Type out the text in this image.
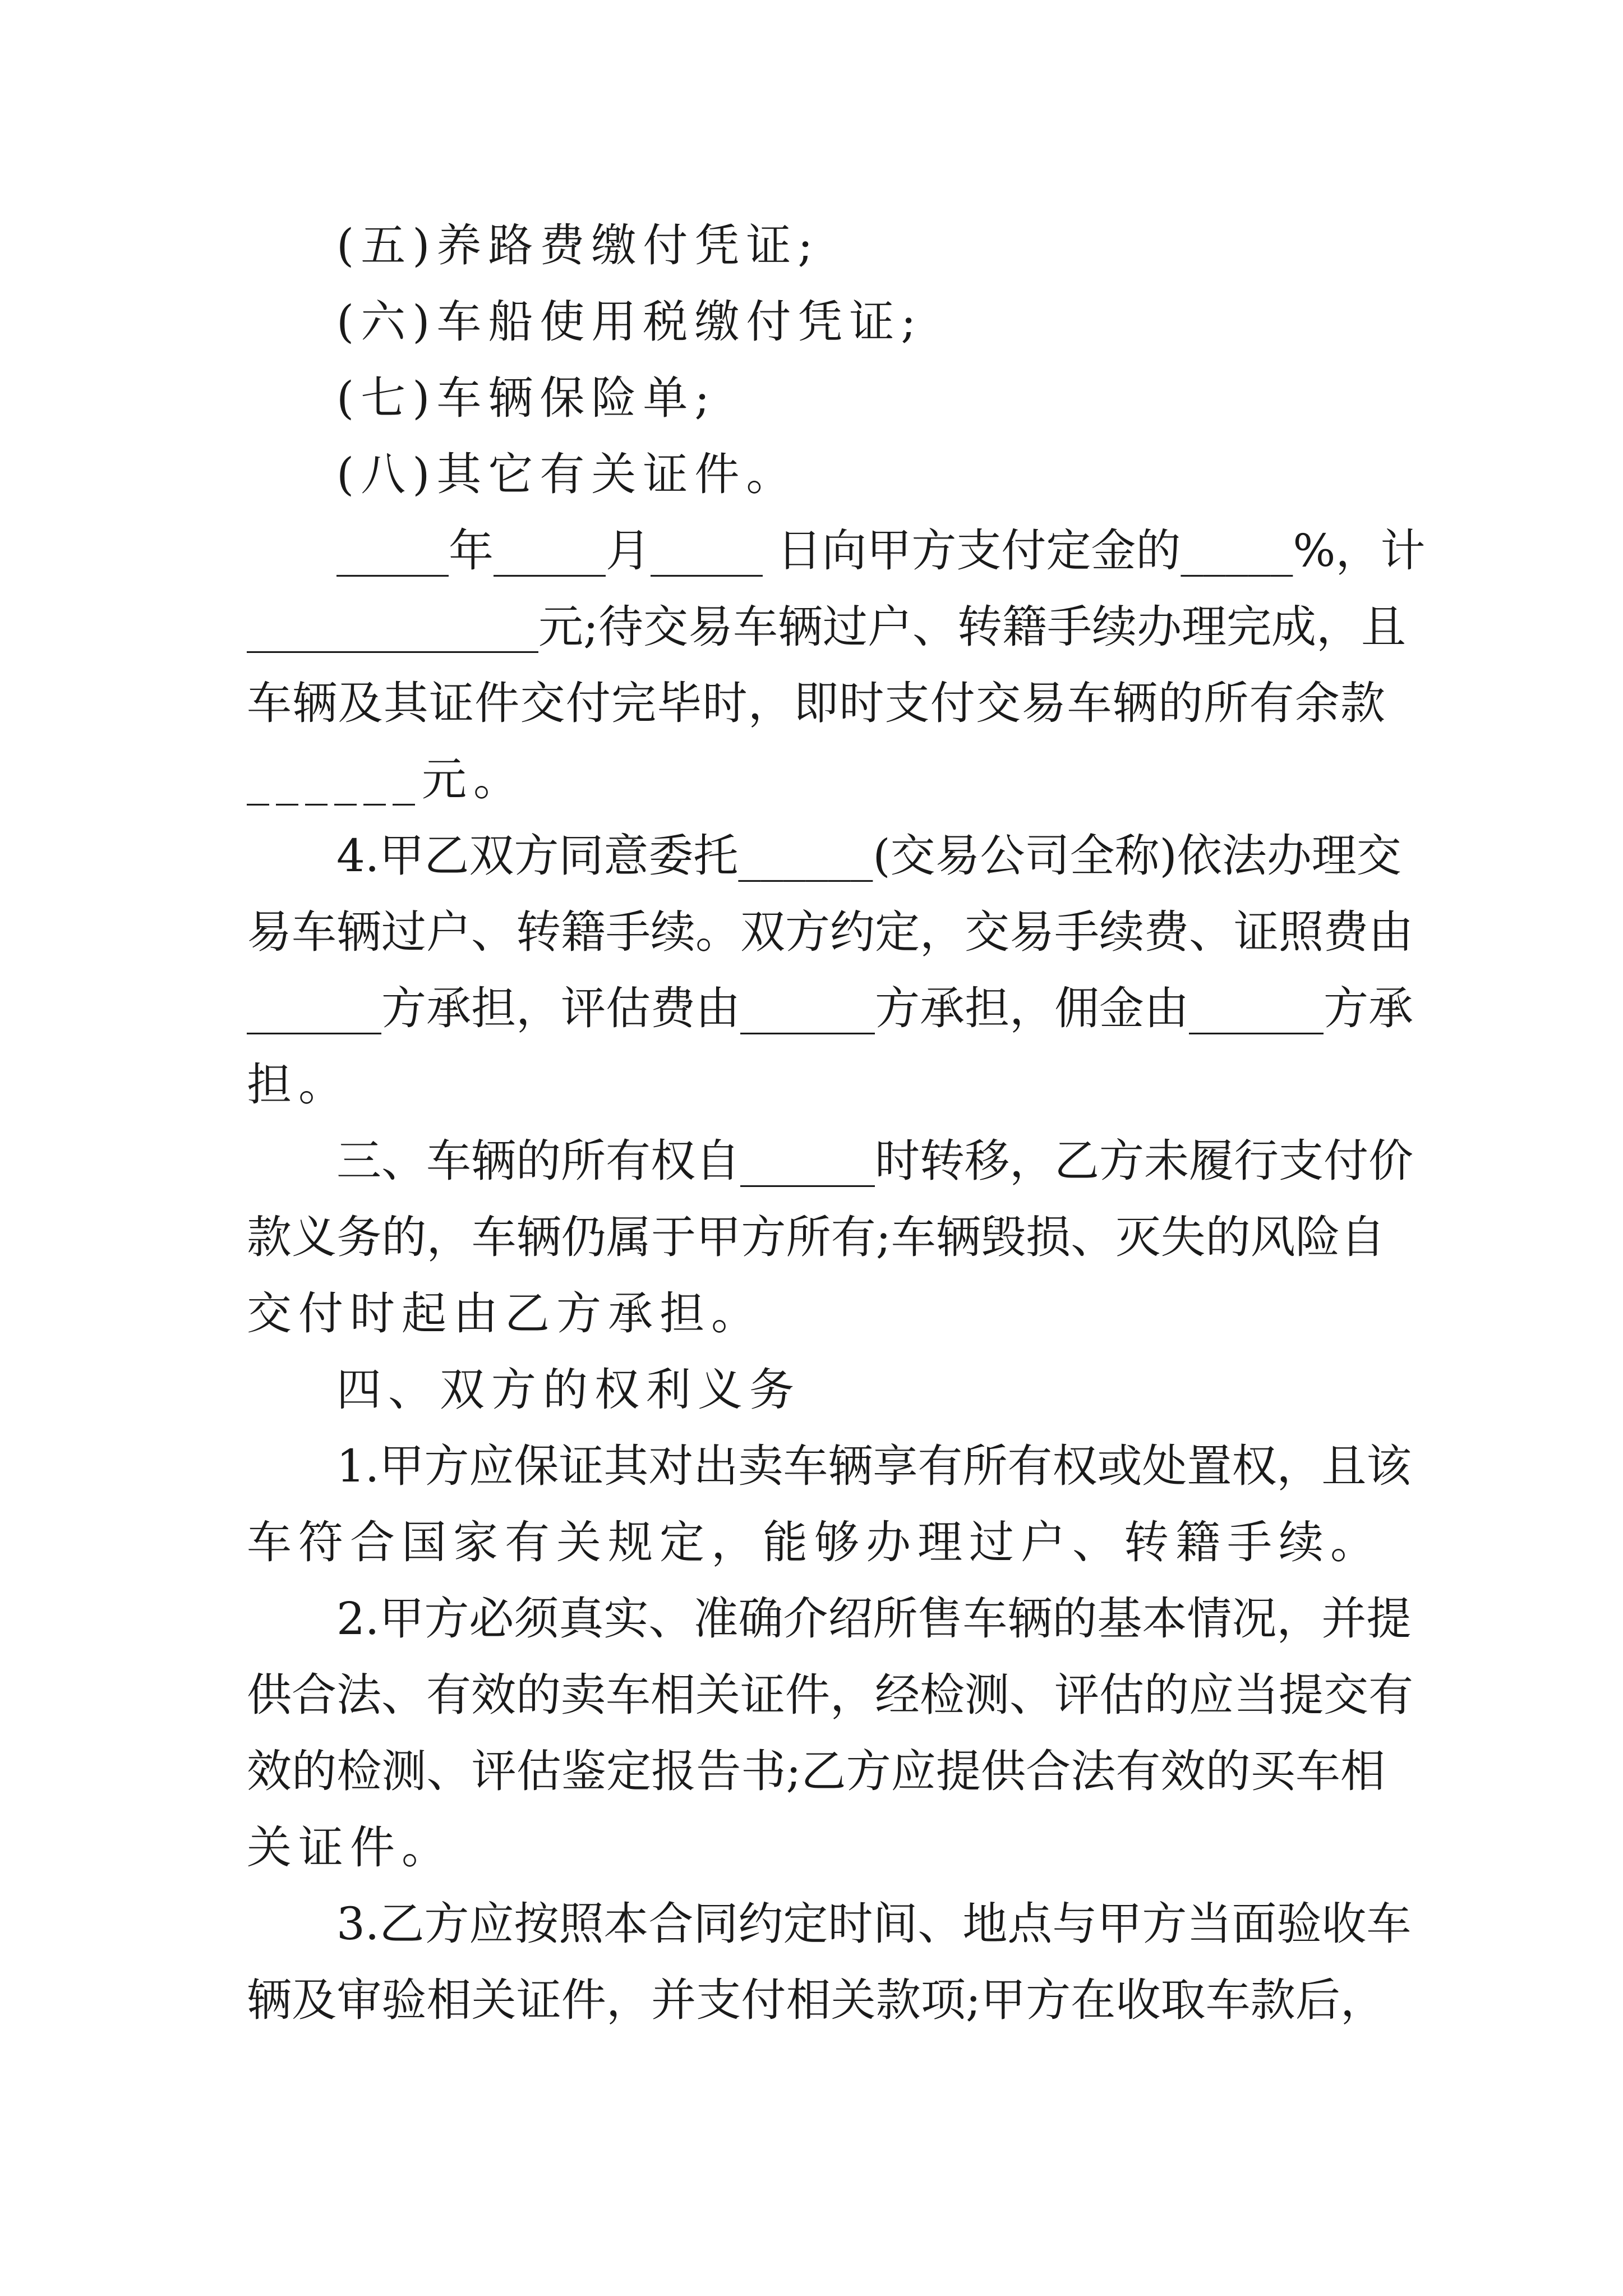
(五)养路费缴付凭证;
(六)车船使用税缴付凭证;
(七)车辆保险单;
(八)其它有关证件。
_____年_____月_____ 日向甲方支付定金的_____%，计
_____________元;待交易车辆过户、转籍手续办理完成，且
车辆及其证件交付完毕时，即时支付交易车辆的所有余款
______元。
4.甲乙双方同意委托______(交易公司全称)依法办理交
易车辆过户、转籍手续。双方约定，交易手续费、证照费由
______方承担，评估费由______方承担，佣金由______方承
担。
三、车辆的所有权自______时转移，乙方未履行支付价
款义务的，车辆仍属于甲方所有;车辆毁损、灭失的风险自
交付时起由乙方承担。
四、双方的权利义务
1.甲方应保证其对出卖车辆享有所有权或处置权，且该
车符合国家有关规定，能够办理过户、转籍手续。
2.甲方必须真实、准确介绍所售车辆的基本情况，并提
供合法、有效的卖车相关证件，经检测、评估的应当提交有
效的检测、评估鉴定报告书;乙方应提供合法有效的买车相
关证件。
3.乙方应按照本合同约定时间、地点与甲方当面验收车
辆及审验相关证件，并支付相关款项;甲方在收取车款后，
